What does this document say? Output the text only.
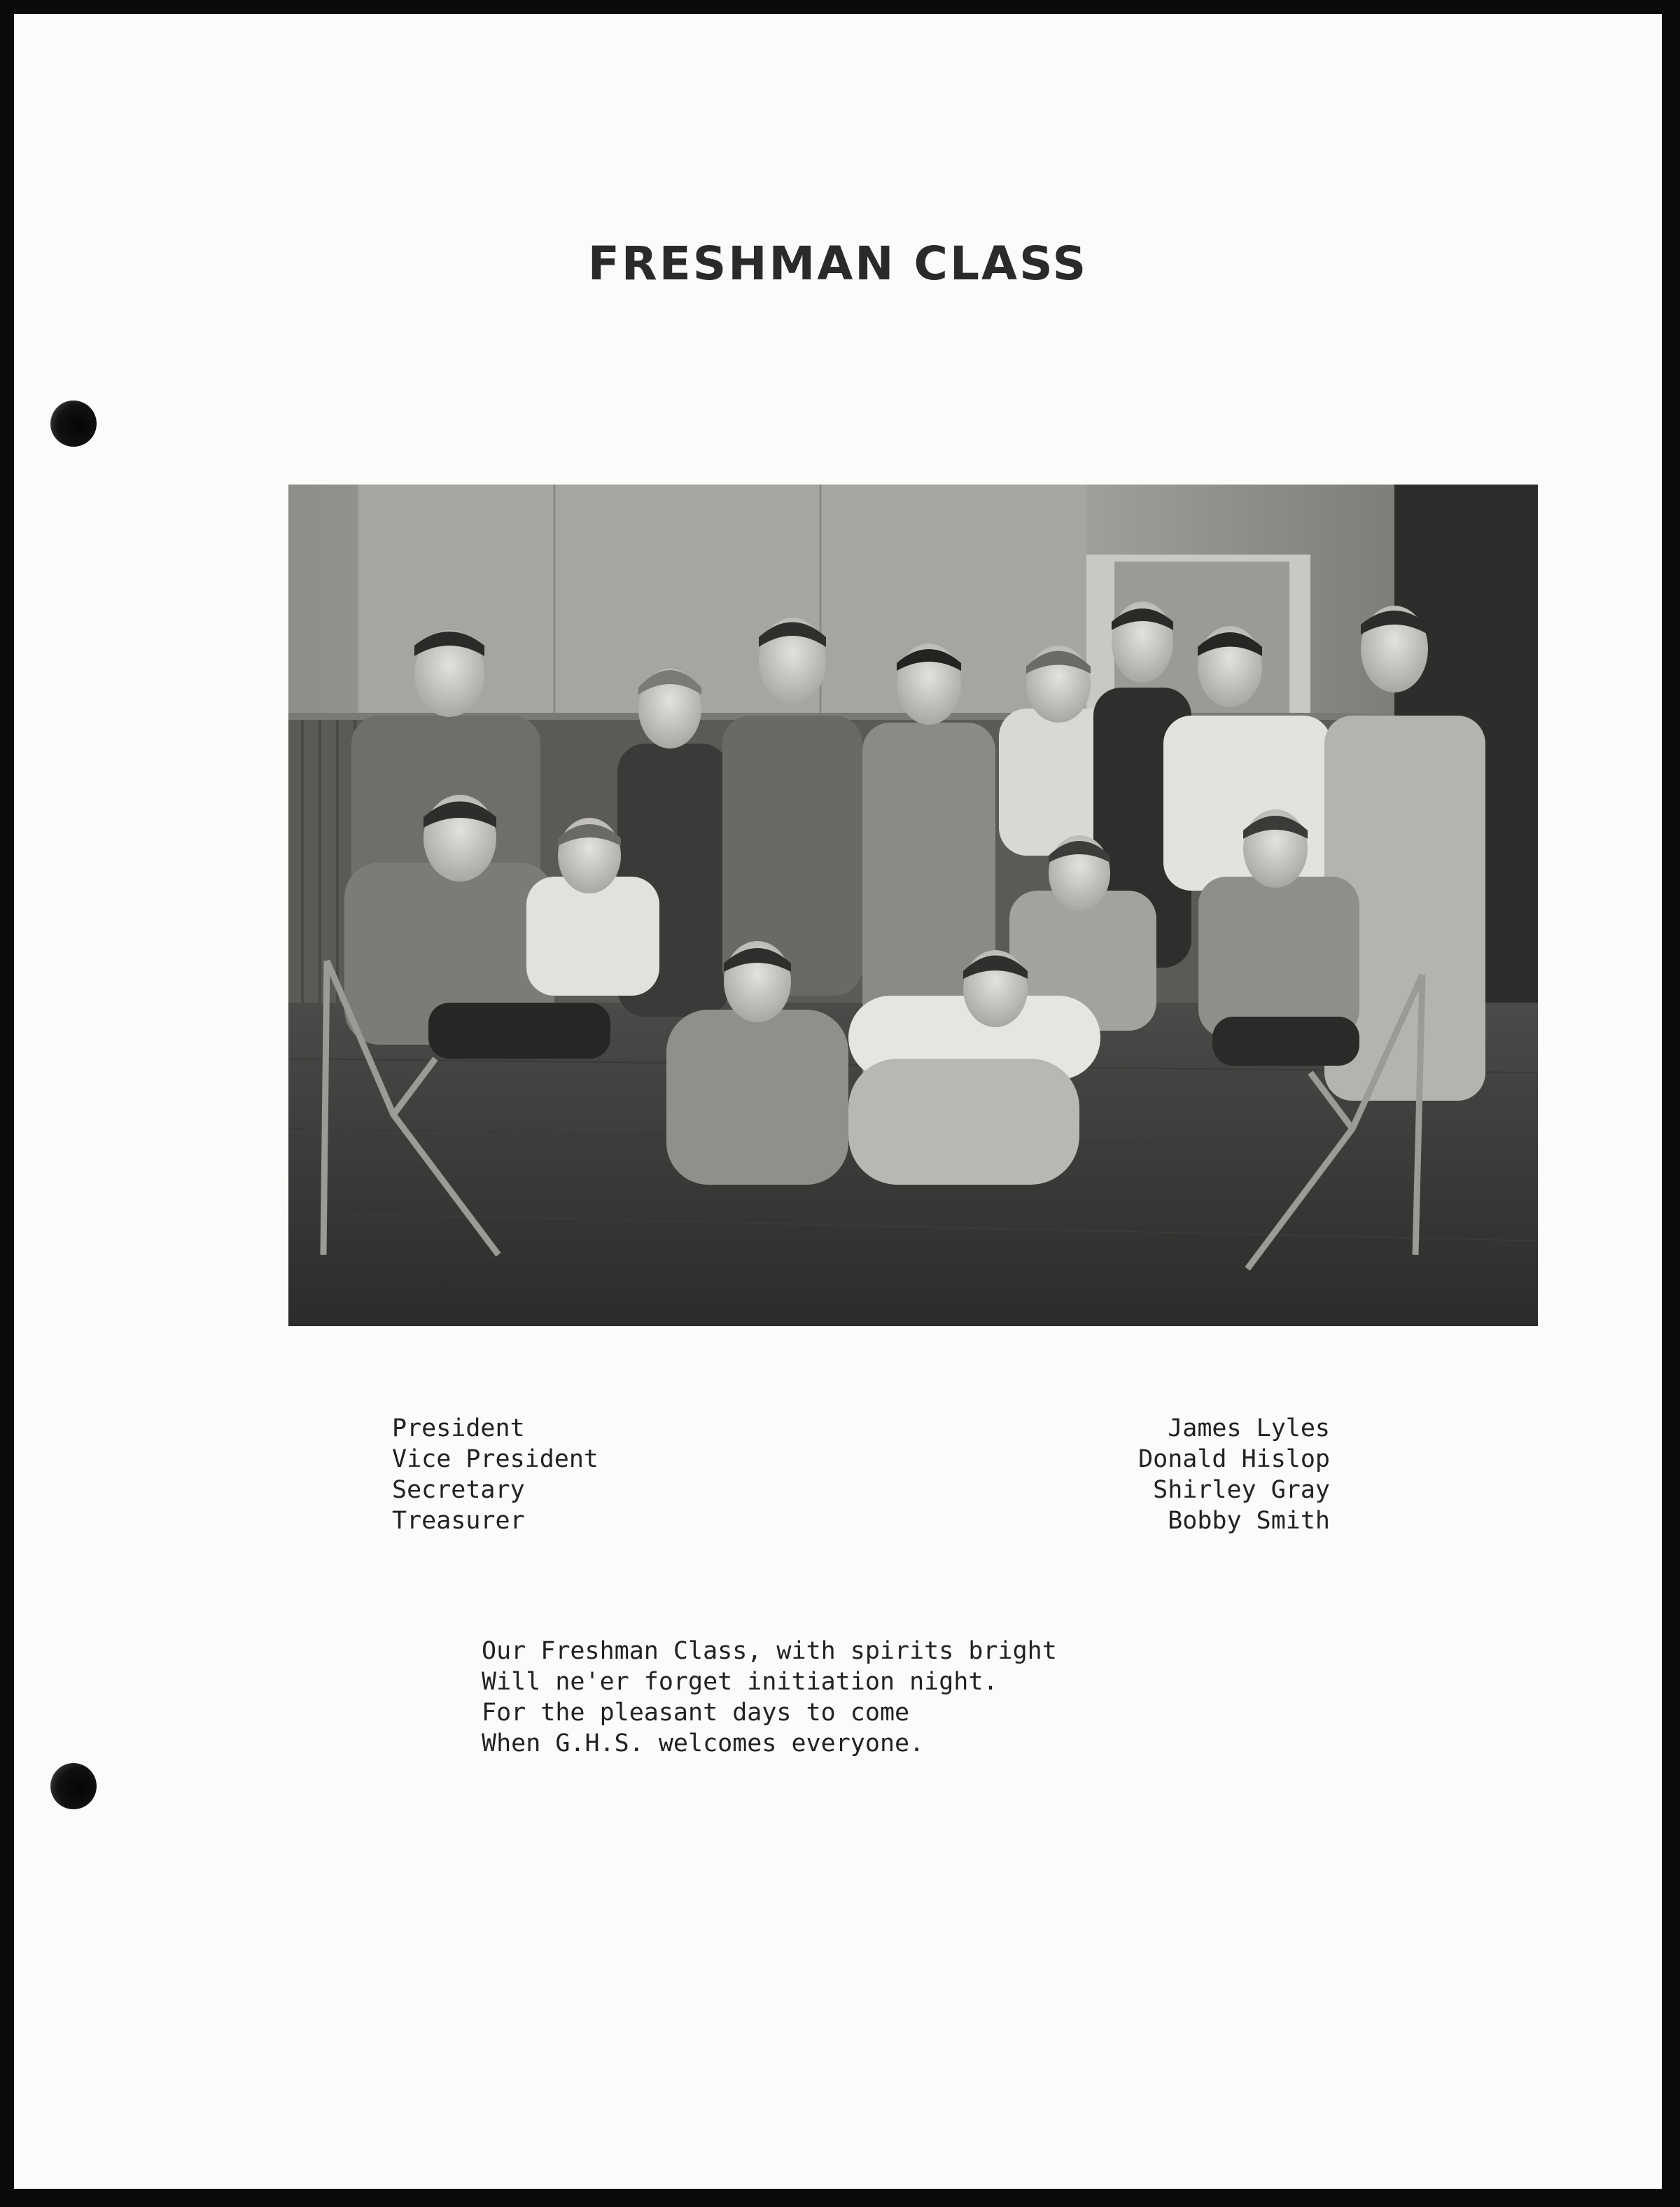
FRESHMAN CLASS
President	James Lyles
Vice President	Donald Hislop
Secretary	Shirley Gray
Treasurer	Bobby Smith
Our Freshman Class, with spirits bright
Will ne'er forget initiation night.
For the pleasant days to come
When G.H.S. welcomes everyone.
